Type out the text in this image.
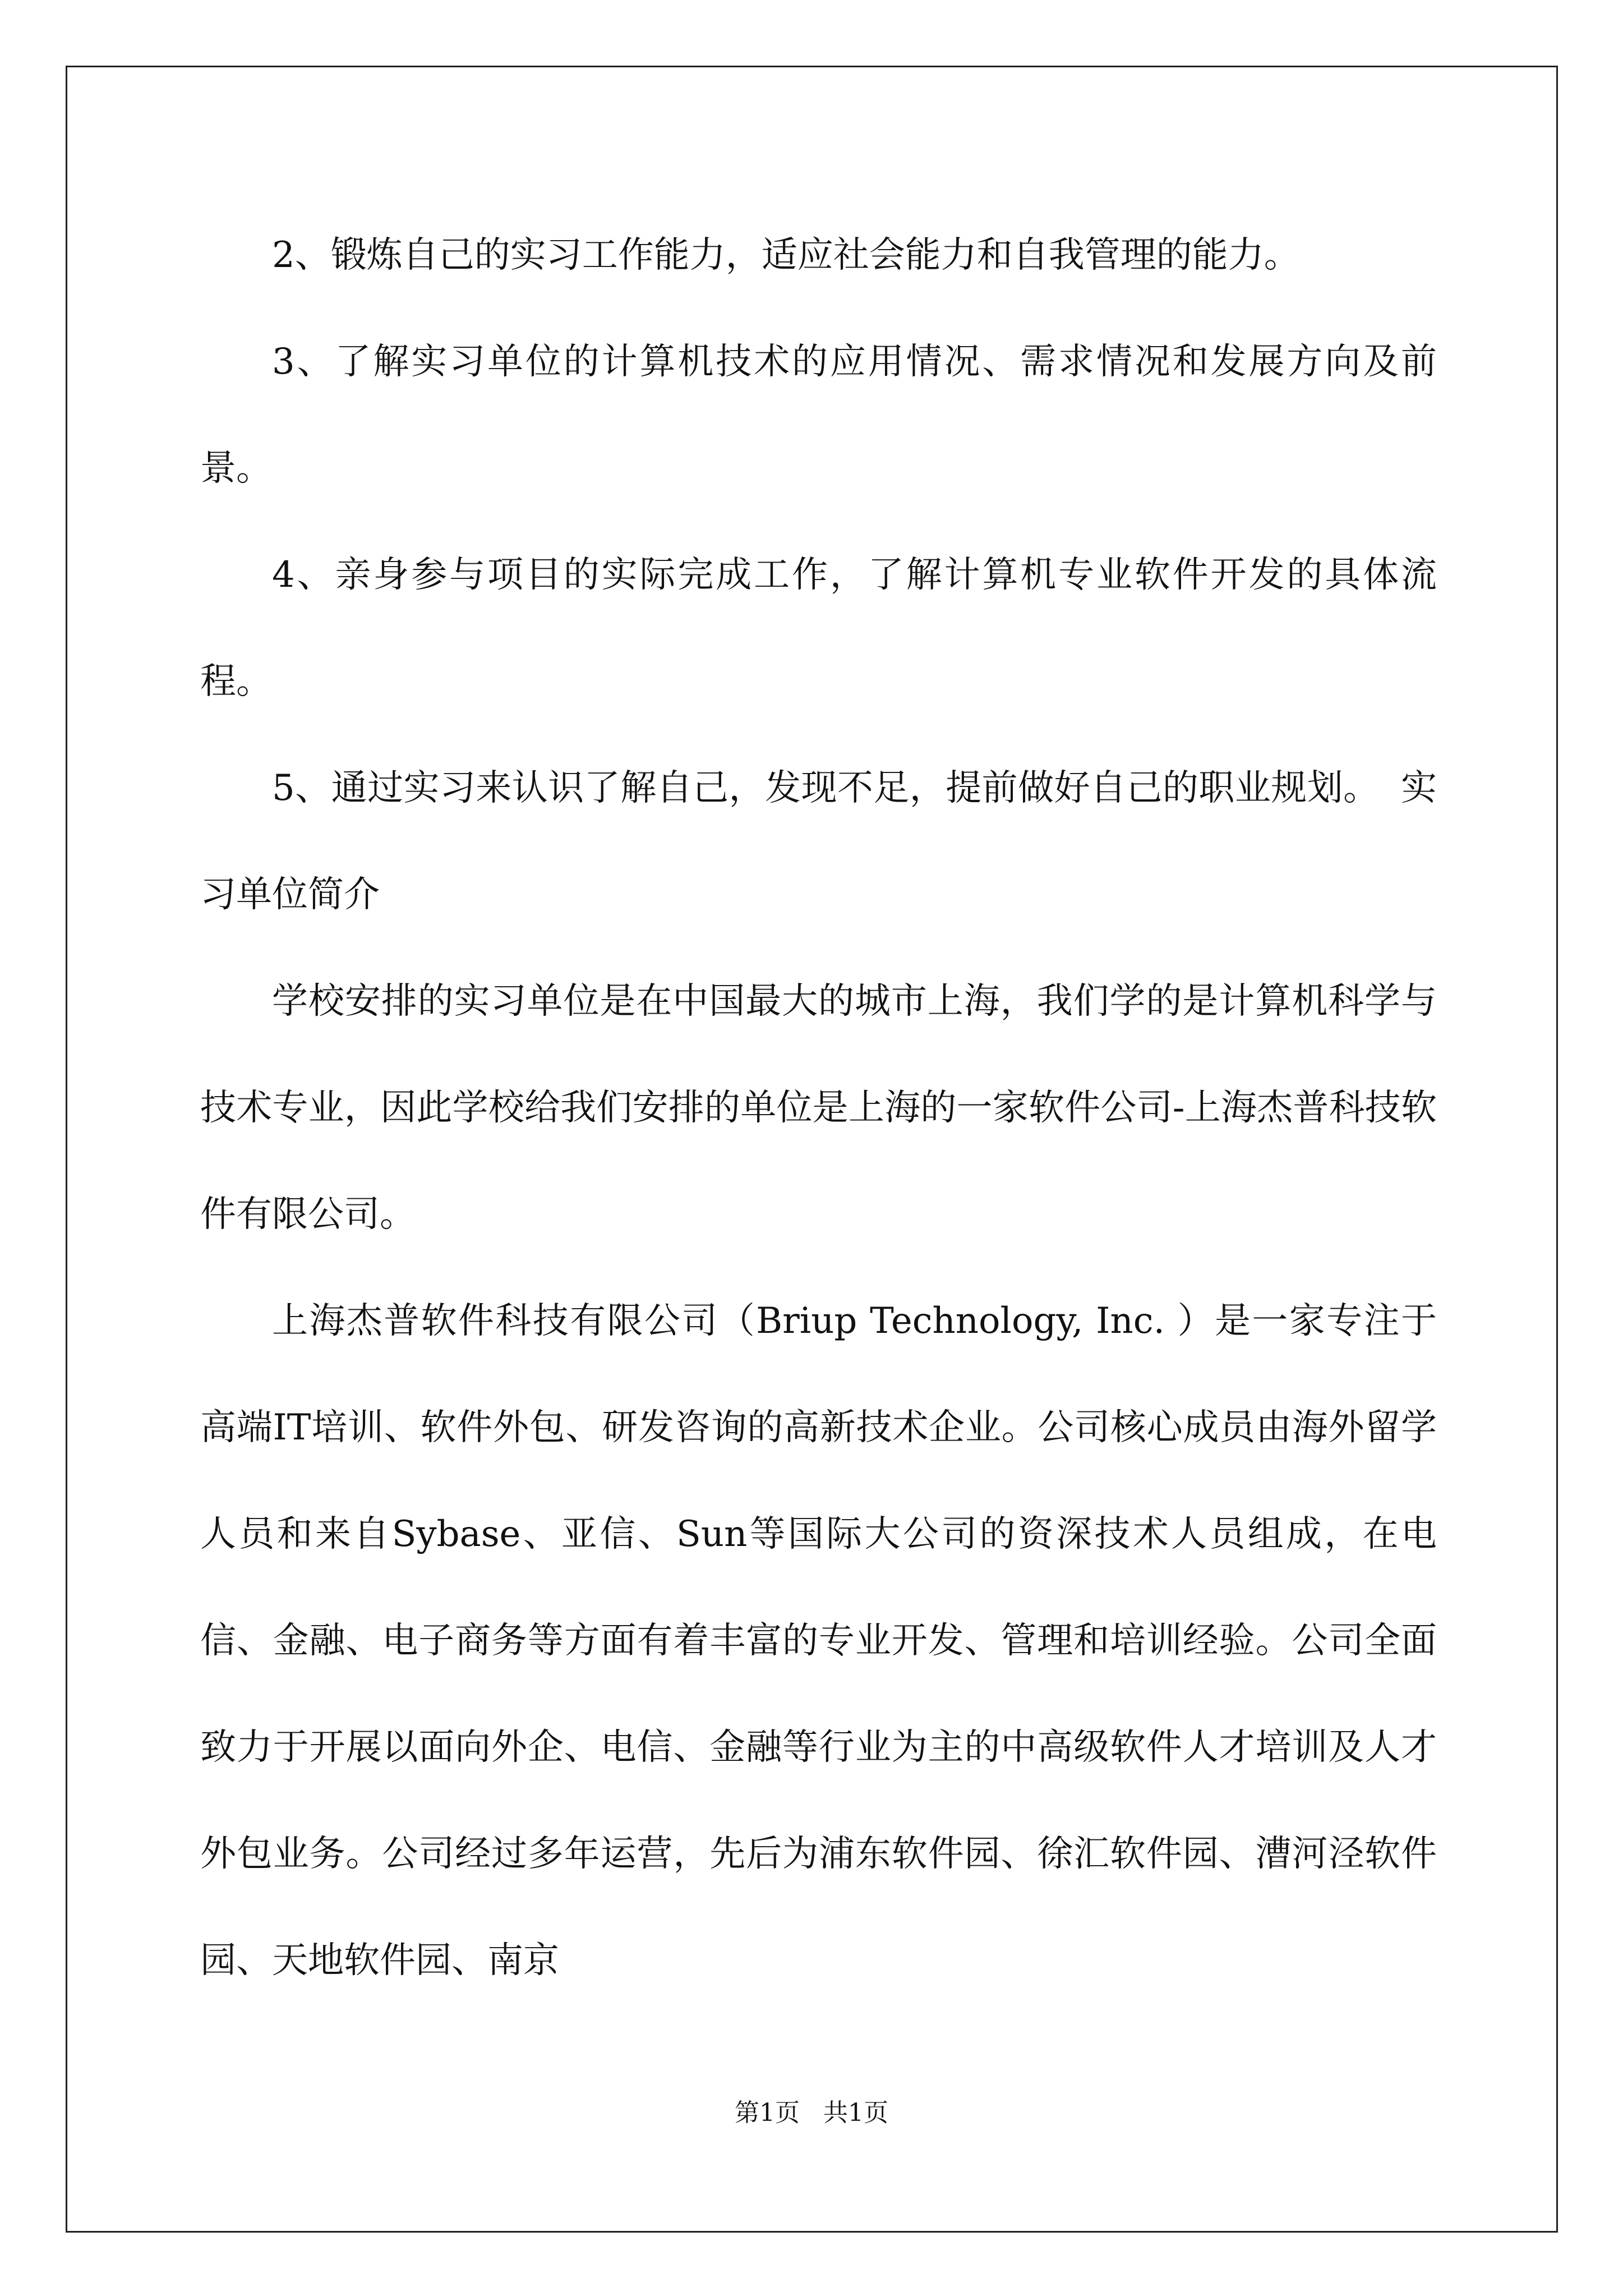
2、锻炼自己的实习工作能力，适应社会能力和自我管理的能力。

3、了解实习单位的计算机技术的应用情况、需求情况和发展方向及前景。

4、亲身参与项目的实际完成工作，了解计算机专业软件开发的具体流程。

5、通过实习来认识了解自己，发现不足，提前做好自己的职业规划。 实习单位简介

学校安排的实习单位是在中国最大的城市上海，我们学的是计算机科学与技术专业，因此学校给我们安排的单位是上海的一家软件公司-上海杰普科技软件有限公司。

上海杰普软件科技有限公司（Briup Technology, Inc. ）是一家专注于高端IT培训、软件外包、研发咨询的高新技术企业。公司核心成员由海外留学人员和来自Sybase、亚信、Sun等国际大公司的资深技术人员组成，在电信、金融、电子商务等方面有着丰富的专业开发、管理和培训经验。公司全面致力于开展以面向外企、电信、金融等行业为主的中高级软件人才培训及人才外包业务。公司经过多年运营，先后为浦东软件园、徐汇软件园、漕河泾软件园、天地软件园、南京

第1页   共1页
